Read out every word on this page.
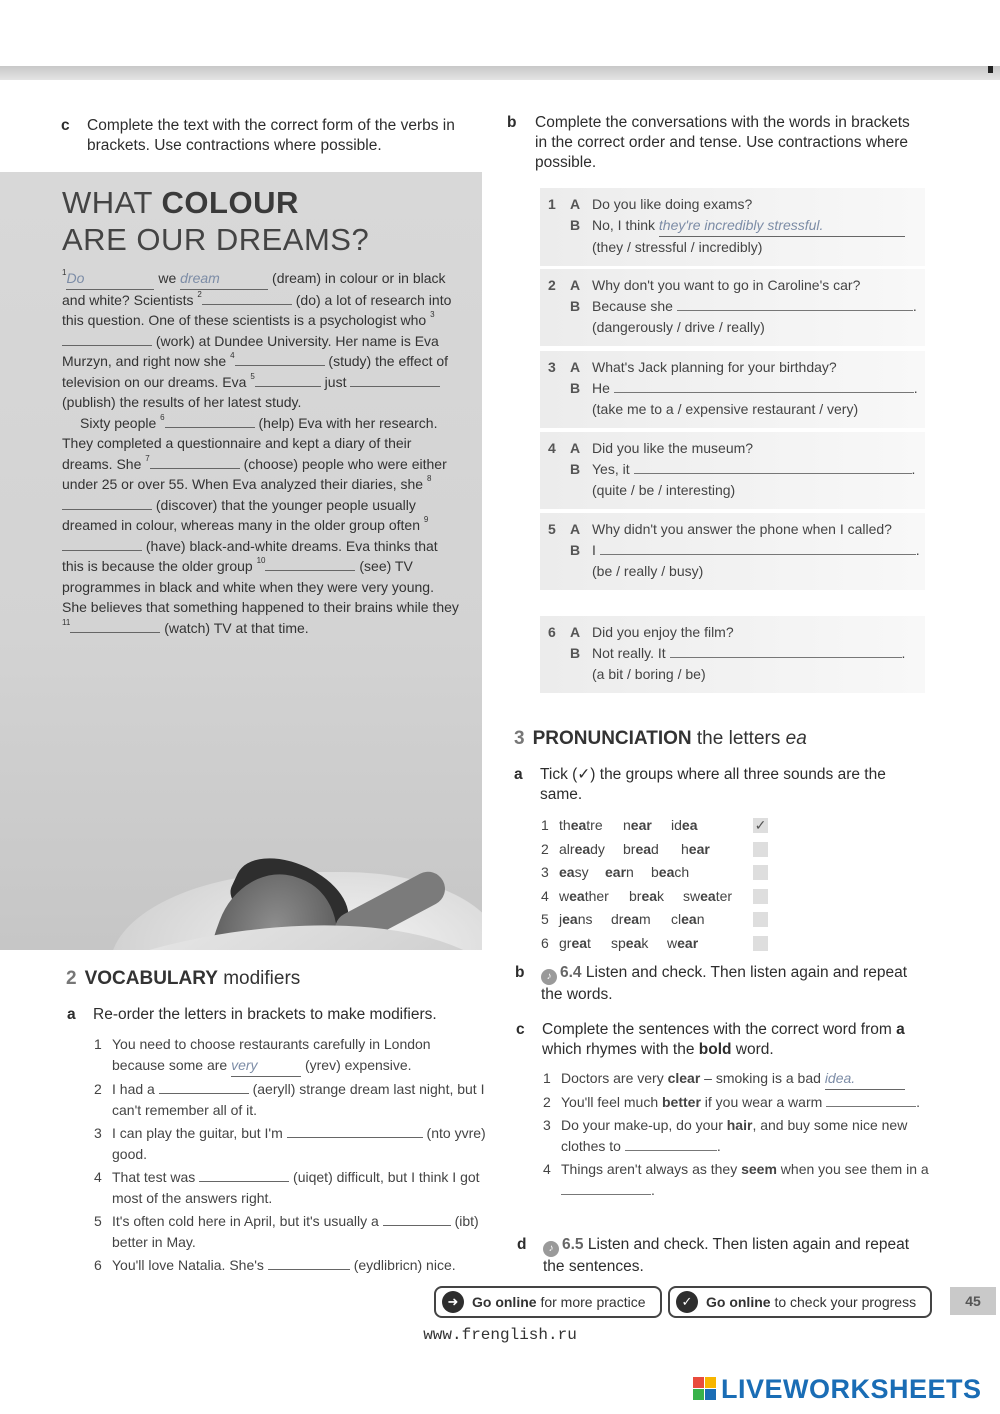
c Complete the text with the correct form of the verbs in brackets. Use contractions where possible.
WHAT COLOUR
ARE OUR DREAMS?

$^1$Do	we dream	(dream) in colour or in black and white? Scientists $^2$	(do) a lot of research into this question. One of these scientists is a psychologist who $^3$ (work) at Dundee University. Her name is Eva Murzyn, and right now she $^4$	(study) the effect of television on our dreams. Eva $^5$	just  (publish) the results of her latest study.

Sixty people $^6$	(help) Eva with her research. They completed a questionnaire and kept a diary of their dreams. She $^7$	(choose) people who were either under 25 or over 55. When Eva analyzed their diaries, she $^8$ (discover) that the younger people usually dreamed in colour, whereas many in the older group often $^9$ (have) black-and-white dreams. Eva thinks that this is because the older group $^{10}$	(see) TV programmes in black and white when they were very young. She believes that something happened to their brains while they $^{11}$	(watch) TV at that time.

2 VOCABULARY modifiers
a Re-order the letters in brackets to make modifiers.
1 You need to choose restaurants carefully in London because some are very	(yrev) expensive.
2 I had a	(aeryll) strange dream last night, but I can't remember all of it.
3 I can play the guitar, but I'm	(nto yvre) good.
4 That test was	(uiqet) difficult, but I think I got most of the answers right.
5 It's often cold here in April, but it's usually a	(ibt) better in May.
6 You'll love Natalia. She's	(eydlibricn) nice.
b Complete the conversations with the words in brackets in the correct order and tense. Use contractions where possible.
1 A Do you like doing exams?
B No, I think they're incredibly stressful.
(they / stressful / incredibly)
2 A Why don't you want to go in Caroline's car?
B Because she	.
(dangerously / drive / really)
3 A What's Jack planning for your birthday?
B He	.
(take me to a / expensive restaurant / very)
4 A Did you like the museum?
B Yes, it	.
(quite / be / interesting)
5 A Why didn't you answer the phone when I called?
B I	.
(be / really / busy)
6 A Did you enjoy the film?
B Not really. It	.
(a bit / boring / be)
3 PRONUNCIATION the letters ea
a Tick (✓) the groups where all three sounds are the same.
1 theatre near idea	✓
2 already bread hear
3 easy earn beach
4 weather break sweater
5 jeans dream clean
6 great speak wear
b ♪ 6.4 Listen and check. Then listen again and repeat the words.
c Complete the sentences with the correct word from a which rhymes with the bold word.
1 Doctors are very clear – smoking is a bad idea.
2 You'll feel much better if you wear a warm	.
3 Do your make-up, do your hair, and buy some nice new clothes to	.
4 Things aren't always as they seem when you see them in a .
d ♪ 6.5 Listen and check. Then listen again and repeat the sentences.
➜ Go online for more practice	✓ Go online to check your progress	45
www.frenglish.ru
LIVEWORKSHEETS
